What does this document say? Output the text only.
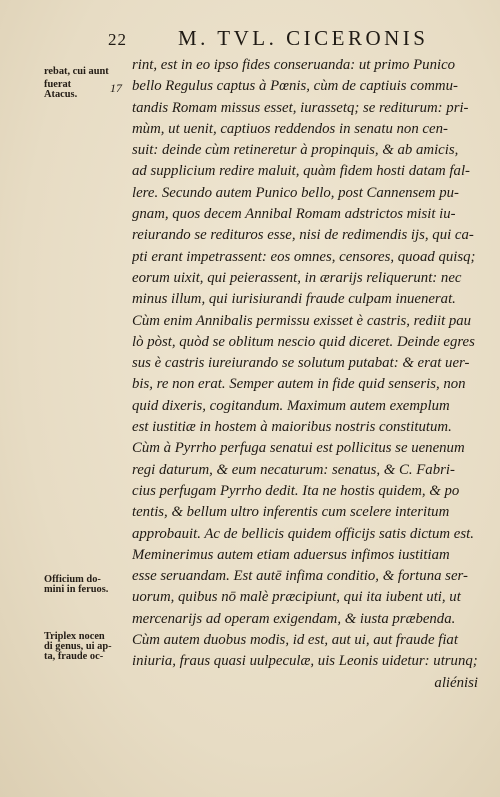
22 M. TVL. CICERONIS
rebat, cui aunt
fuerat
Atacus.
Officium do-
mini in feruos.
Triplex nocen
di genus, ui ap-
ta, fraude oc-
17
rint, est in eo ipso fides conseruanda: ut primo Punico
bello Regulus captus à Pœnis, cùm de captiuis commu-
tandis Romam missus esset, iurassetq; se rediturum: pri-
mùm, ut uenit, captiuos reddendos in senatu non cen-
suit: deinde cùm retineretur à propinquis, & ab amicis,
ad supplicium redire maluit, quàm fidem hosti datam fal-
lere. Secundo autem Punico bello, post Cannensem pu-
gnam, quos decem Annibal Romam adstrictos misit iu-
reiurando se redituros esse, nisi de redimendis ijs, qui ca-
pti erant impetrassent: eos omnes, censores, quoad quisq;
eorum uixit, qui peierassent, in ærarijs reliquerunt: nec
minus illum, qui iurisiurandi fraude culpam inuenerat.
Cùm enim Annibalis permissu exisset è castris, rediit pau
lò pòst, quòd se oblitum nescio quid diceret. Deinde egres
sus è castris iureiurando se solutum putabat: & erat uer-
bis, re non erat. Semper autem in fide quid senseris, non
quid dixeris, cogitandum. Maximum autem exemplum
est iustitiæ in hostem à maioribus nostris constitutum.
Cùm à Pyrrho perfuga senatui est pollicitus se uenenum
regi daturum, & eum necaturum: senatus, & C. Fabri-
cius perfugam Pyrrho dedit. Ita ne hostis quidem, & po
tentis, & bellum ultro inferentis cum scelere interitum
approbauit. Ac de bellicis quidem officijs satis dictum est.
Meminerimus autem etiam aduersus infimos iustitiam
esse seruandam. Est autē infima conditio, & fortuna ser-
uorum, quibus nō malè præcipiunt, qui ita iubent uti, ut
mercenarijs ad operam exigendam, & iusta præbenda.
Cùm autem duobus modis, id est, aut ui, aut fraude fiat
iniuria, fraus quasi uulpeculæ, uis Leonis uidetur: utrunq;
aliénisi
